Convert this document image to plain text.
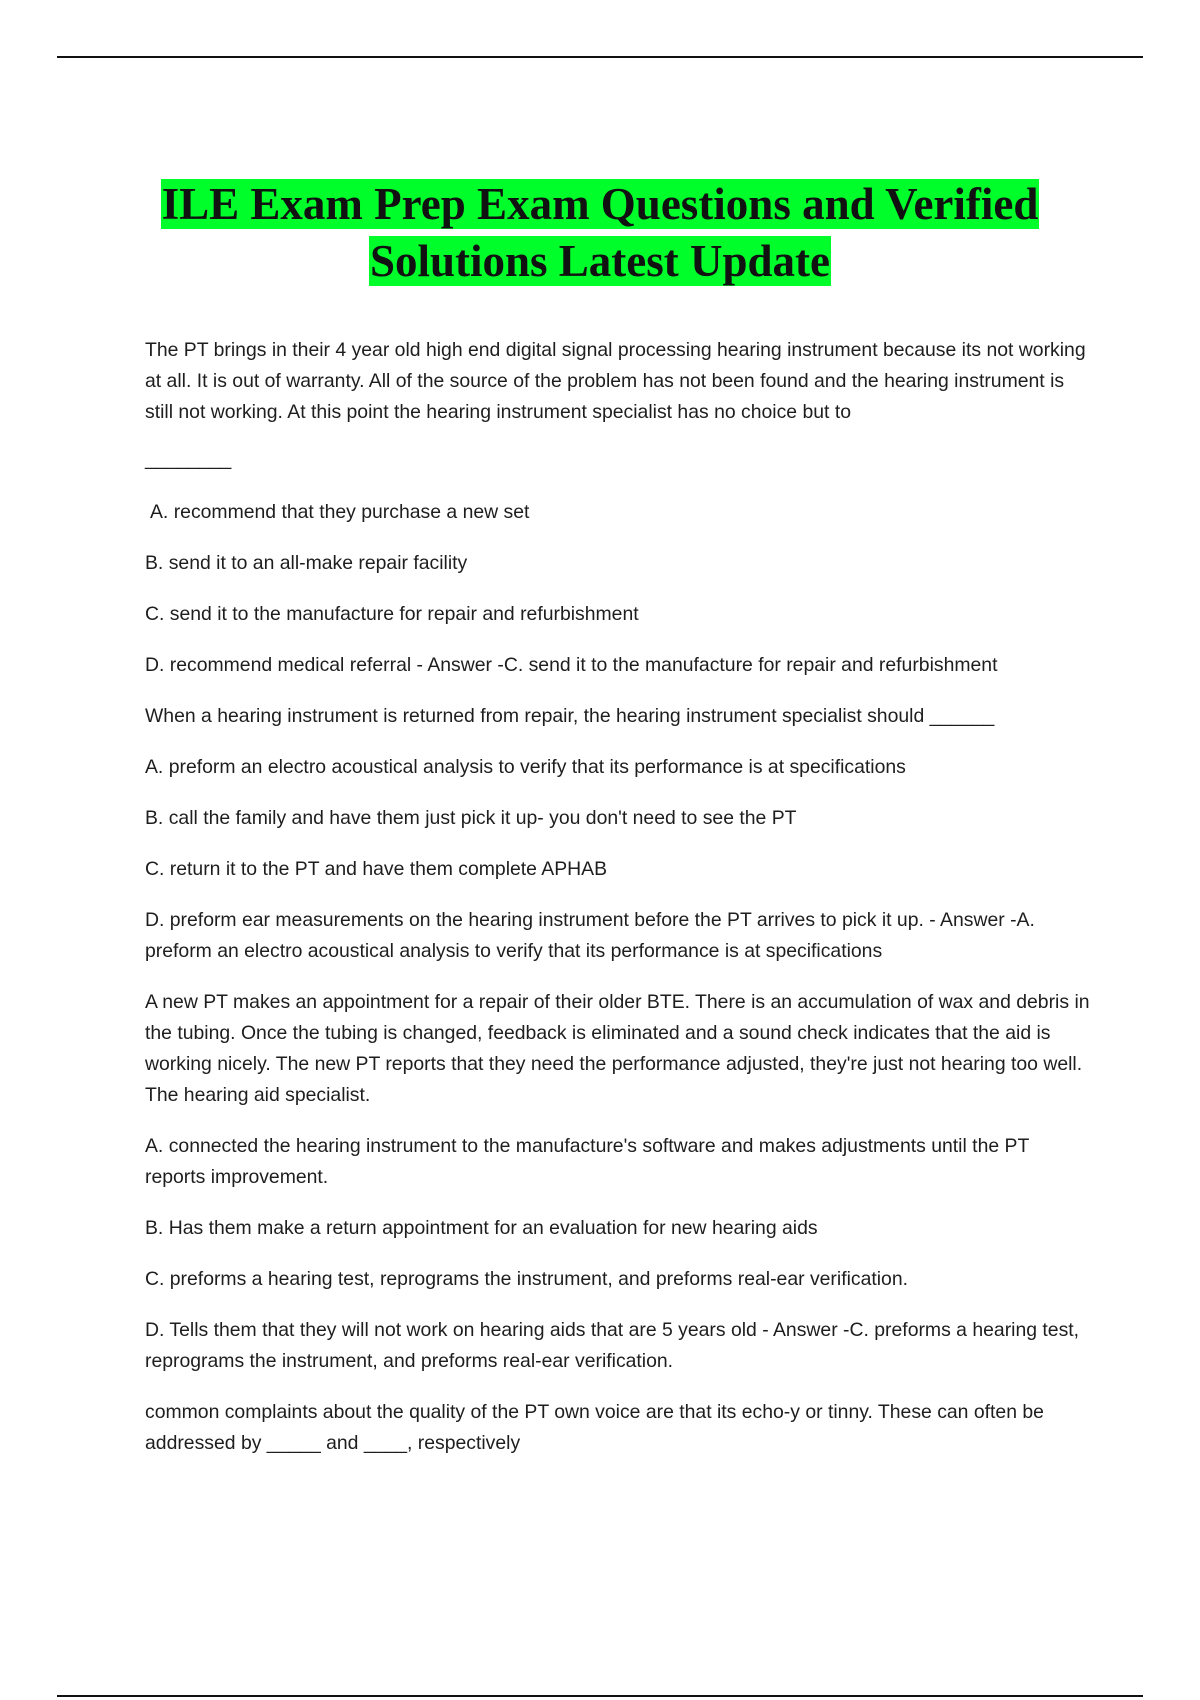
ILE Exam Prep Exam Questions and Verified
Solutions Latest Update

The PT brings in their 4 year old high end digital signal processing hearing instrument because its not working at all. It is out of warranty. All of the source of the problem has not been found and the hearing instrument is still not working. At this point the hearing instrument specialist has no choice but to

________

A. recommend that they purchase a new set

B. send it to an all-make repair facility

C. send it to the manufacture for repair and refurbishment

D. recommend medical referral - Answer -C. send it to the manufacture for repair and refurbishment

When a hearing instrument is returned from repair, the hearing instrument specialist should ______

A. preform an electro acoustical analysis to verify that its performance is at specifications

B. call the family and have them just pick it up- you don't need to see the PT

C. return it to the PT and have them complete APHAB

D. preform ear measurements on the hearing instrument before the PT arrives to pick it up. - Answer -A. preform an electro acoustical analysis to verify that its performance is at specifications

A new PT makes an appointment for a repair of their older BTE. There is an accumulation of wax and debris in the tubing. Once the tubing is changed, feedback is eliminated and a sound check indicates that the aid is working nicely. The new PT reports that they need the performance adjusted, they're just not hearing too well. The hearing aid specialist.

A. connected the hearing instrument to the manufacture's software and makes adjustments until the PT reports improvement.

B. Has them make a return appointment for an evaluation for new hearing aids

C. preforms a hearing test, reprograms the instrument, and preforms real-ear verification.

D. Tells them that they will not work on hearing aids that are 5 years old - Answer -C. preforms a hearing test, reprograms the instrument, and preforms real-ear verification.

common complaints about the quality of the PT own voice are that its echo-y or tinny. These can often be addressed by _____ and ____, respectively
